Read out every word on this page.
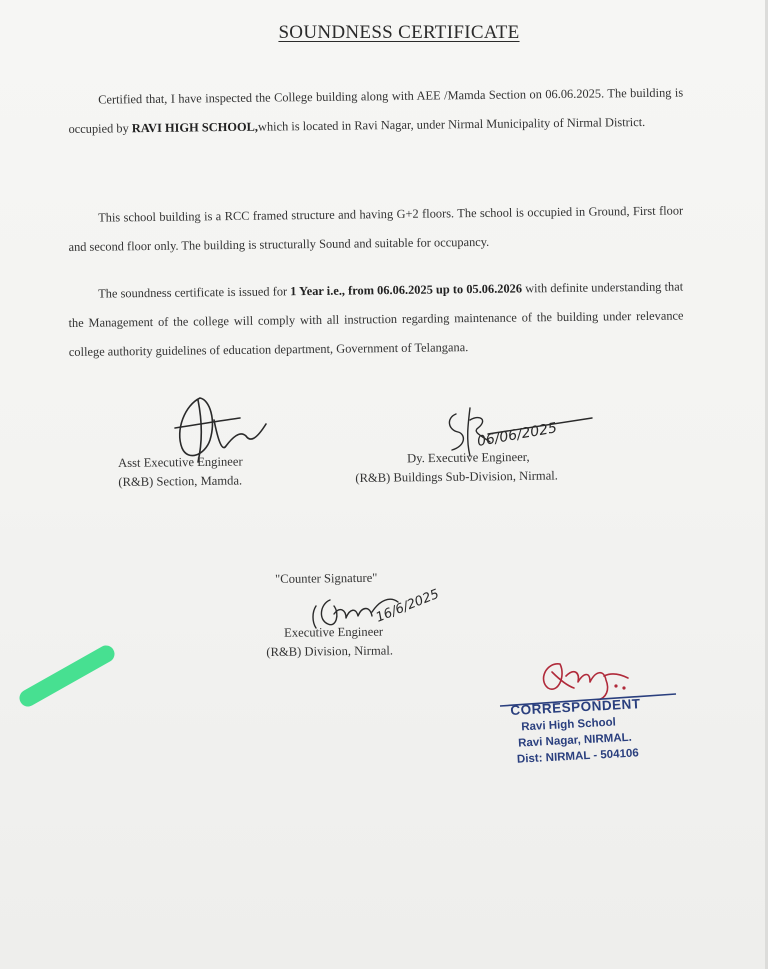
SOUNDNESS CERTIFICATE

Certified that, I have inspected the College building along with AEE /Mamda Section on 06.06.2025. The building is occupied by RAVI HIGH SCHOOL,which is located in Ravi Nagar, under Nirmal Municipality of Nirmal District.

This school building is a RCC framed structure and having G+2 floors. The school is occupied in Ground, First floor and second floor only. The building is structurally Sound and suitable for occupancy.

The soundness certificate is issued for 1 Year i.e., from 06.06.2025 up to 05.06.2026 with definite understanding that the Management of the college will comply with all instruction regarding maintenance of the building under relevance college authority guidelines of education department, Government of Telangana.

Asst Executive Engineer
(R&B) Section, Mamda.
Dy. Executive Engineer,
(R&B) Buildings Sub-Division, Nirmal.
"Counter Signature"
Executive Engineer
(R&B) Division, Nirmal.
06/06/2025
16/6/2025
CORRESPONDENT
Ravi High School
Ravi Nagar, NIRMAL.
Dist: NIRMAL - 504106
